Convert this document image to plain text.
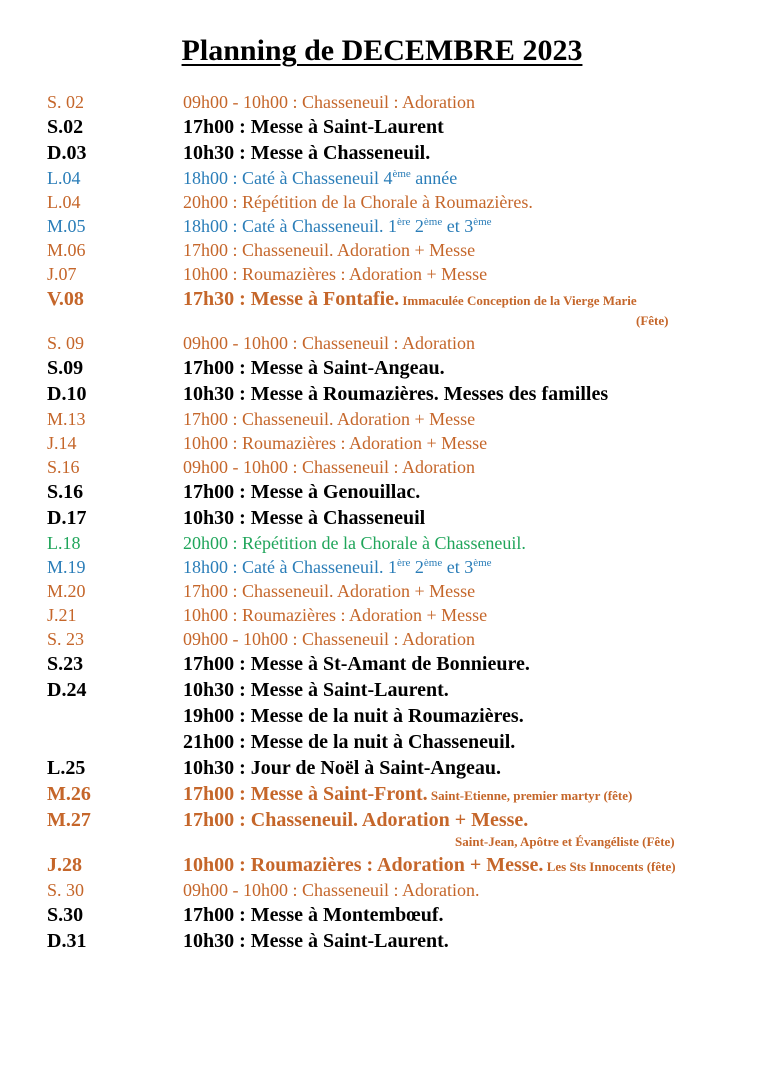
Planning de DECEMBRE 2023
S. 02	09h00 - 10h00 : Chasseneuil : Adoration
S.02	17h00 : Messe à Saint-Laurent
D.03	10h30 : Messe à Chasseneuil.
L.04	18h00 : Caté à Chasseneuil 4ème année
L.04	20h00 : Répétition de la Chorale à Roumazières.
M.05	18h00 : Caté à Chasseneuil. 1ère 2ème et 3ème
M.06	17h00 : Chasseneuil. Adoration + Messe
J.07	10h00 : Roumazières : Adoration + Messe
V.08	17h30 : Messe à Fontafie. Immaculée Conception de la Vierge Marie
(Fête)
S. 09	09h00 - 10h00 : Chasseneuil : Adoration
S.09	17h00 : Messe à Saint-Angeau.
D.10	10h30 : Messe à Roumazières. Messes des familles
M.13	17h00 : Chasseneuil. Adoration + Messe
J.14	10h00 : Roumazières : Adoration + Messe
S.16	09h00 - 10h00 : Chasseneuil : Adoration
S.16	17h00 : Messe à Genouillac.
D.17	10h30 : Messe à Chasseneuil
L.18	20h00 : Répétition de la Chorale à Chasseneuil.
M.19	18h00 : Caté à Chasseneuil. 1ère 2ème et 3ème
M.20	17h00 : Chasseneuil. Adoration + Messe
J.21	10h00 : Roumazières : Adoration + Messe
S. 23	09h00 - 10h00 : Chasseneuil : Adoration
S.23	17h00 : Messe à St-Amant de Bonnieure.
D.24	10h30 : Messe à Saint-Laurent.
19h00 : Messe de la nuit à Roumazières.
21h00 : Messe de la nuit à Chasseneuil.
L.25	10h30 : Jour de Noël à Saint-Angeau.
M.26	17h00 : Messe à Saint-Front. Saint-Etienne, premier martyr (fête)
M.27	17h00 : Chasseneuil. Adoration + Messe.
Saint-Jean, Apôtre et Évangéliste (Fête)
J.28	10h00 : Roumazières : Adoration + Messe. Les Sts Innocents (fête)
S. 30	09h00 - 10h00 : Chasseneuil : Adoration.
S.30	17h00 : Messe à Montembœuf.
D.31	10h30 : Messe à Saint-Laurent.
